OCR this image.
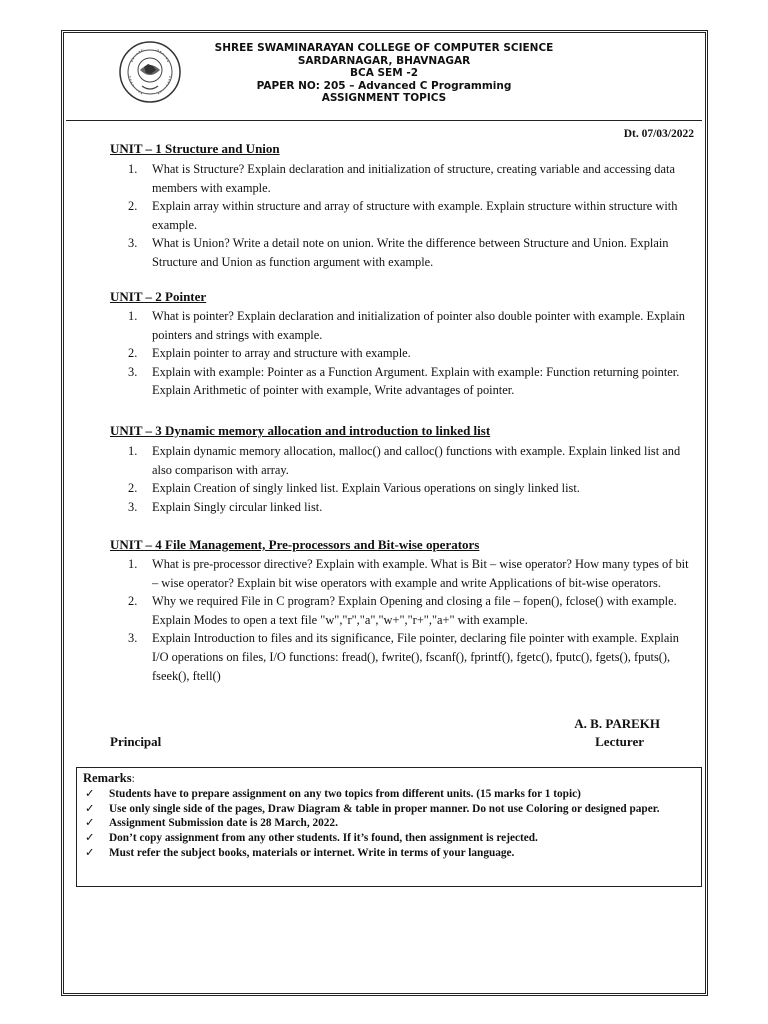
SHREE SWAMINARAYAN COLLEGE OF COMPUTER SCIENCE
SARDARNAGAR, BHAVNAGAR
BCA SEM -2
PAPER NO: 205 – Advanced C Programming
ASSIGNMENT TOPICS
Dt. 07/03/2022
UNIT – 1 Structure and Union
1. What is Structure? Explain declaration and initialization of structure, creating variable and accessing data members with example.
2. Explain array within structure and array of structure with example. Explain structure within structure with example.
3. What is Union? Write a detail note on union. Write the difference between Structure and Union. Explain Structure and Union as function argument with example.
UNIT – 2 Pointer
1. What is pointer? Explain declaration and initialization of pointer also double pointer with example. Explain pointers and strings with example.
2. Explain pointer to array and structure with example.
3. Explain with example: Pointer as a Function Argument. Explain with example: Function returning pointer. Explain Arithmetic of pointer with example, Write advantages of pointer.
UNIT – 3 Dynamic memory allocation and introduction to linked list
1. Explain dynamic memory allocation, malloc() and calloc() functions with example. Explain linked list and also comparison with array.
2. Explain Creation of singly linked list. Explain Various operations on singly linked list.
3. Explain Singly circular linked list.
UNIT – 4 File Management, Pre-processors and Bit-wise operators
1. What is pre-processor directive? Explain with example. What is Bit – wise operator? How many types of bit – wise operator? Explain bit wise operators with example and write Applications of bit-wise operators.
2. Why we required File in C program? Explain Opening and closing a file – fopen(), fclose() with example. Explain Modes to open a text file "w","r","a","w+","r+","a+" with example.
3. Explain Introduction to files and its significance, File pointer, declaring file pointer with example. Explain I/O operations on files, I/O functions: fread(), fwrite(), fscanf(), fprintf(), fgetc(), fputc(), fgets(), fputs(), fseek(), ftell()
A. B. PAREKH
Lecturer
Principal
Remarks:
✓ Students have to prepare assignment on any two topics from different units. (15 marks for 1 topic)
✓ Use only single side of the pages, Draw Diagram & table in proper manner. Do not use Coloring or designed paper.
✓ Assignment Submission date is 28 March, 2022.
✓ Don’t copy assignment from any other students. If it’s found, then assignment is rejected.
✓ Must refer the subject books, materials or internet. Write in terms of your language.
